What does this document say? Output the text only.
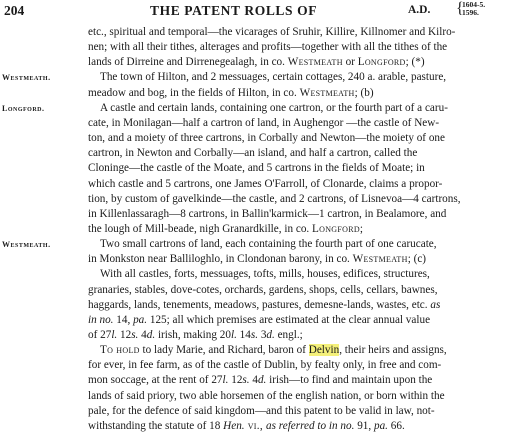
204	THE PATENT ROLLS OF	A.D. {
1604-5.
1596.
etc., spiritual and temporal—the vicarages of Sruhir, Killire, Killnomer and Kilro-
nen; with all their tithes, alterages and profits—together with all the tithes of the
lands of Dirreine and Dirrenegealagh, in co. Westmeath or Longford; (*)
Westmeath.	The town of Hilton, and 2 messuages, certain cottages, 240 a. arable, pasture,
meadow and bog, in the fields of Hilton, in co. Westmeath; (b)
Longford.	A castle and certain lands, containing one cartron, or the fourth part of a caru-
cate, in Monilagan—half a cartron of land, in Aughengor —the castle of New-
ton, and a moiety of three cartrons, in Corbally and Newton—the moiety of one
cartron, in Newton and Corbally—an island, and half a cartron, called the
Cloninge—the castle of the Moate, and 5 cartrons in the fields of Moate; in
which castle and 5 cartrons, one James O'Farroll, of Clonarde, claims a propor-
tion, by custom of gavelkinde—the castle, and 2 cartrons, of Lisnevoa—4 cartrons,
in Killenlassaragh—8 cartrons, in Ballin'karmick—1 cartron, in Bealamore, and
the lough of Mill-beade, nigh Granardkille, in co. Longford;
Westmeath.	Two small cartrons of land, each containing the fourth part of one carucate,
in Monkston near Balliloghlo, in Clondonan barony, in co. Westmeath; (c)
With all castles, forts, messuages, tofts, mills, houses, edifices, structures,
granaries, stables, dove-cotes, orchards, gardens, shops, cells, cellars, bawnes,
haggards, lands, tenements, meadows, pastures, demesne-lands, wastes, etc. as
in no. 14, pa. 125; all which premises are estimated at the clear annual value
of 27l. 12s. 4d. irish, making 20l. 14s. 3d. engl.;
To hold to lady Marie, and Richard, baron of Delvin, their heirs and assigns,
for ever, in fee farm, as of the castle of Dublin, by fealty only, in free and com-
mon soccage, at the rent of 27l. 12s. 4d. irish—to find and maintain upon the
lands of said priory, two able horsemen of the english nation, or born within the
pale, for the defence of said kingdom—and this patent to be valid in law, not-
withstanding the statute of 18 Hen. vi., as referred to in no. 91, pa. 66.
